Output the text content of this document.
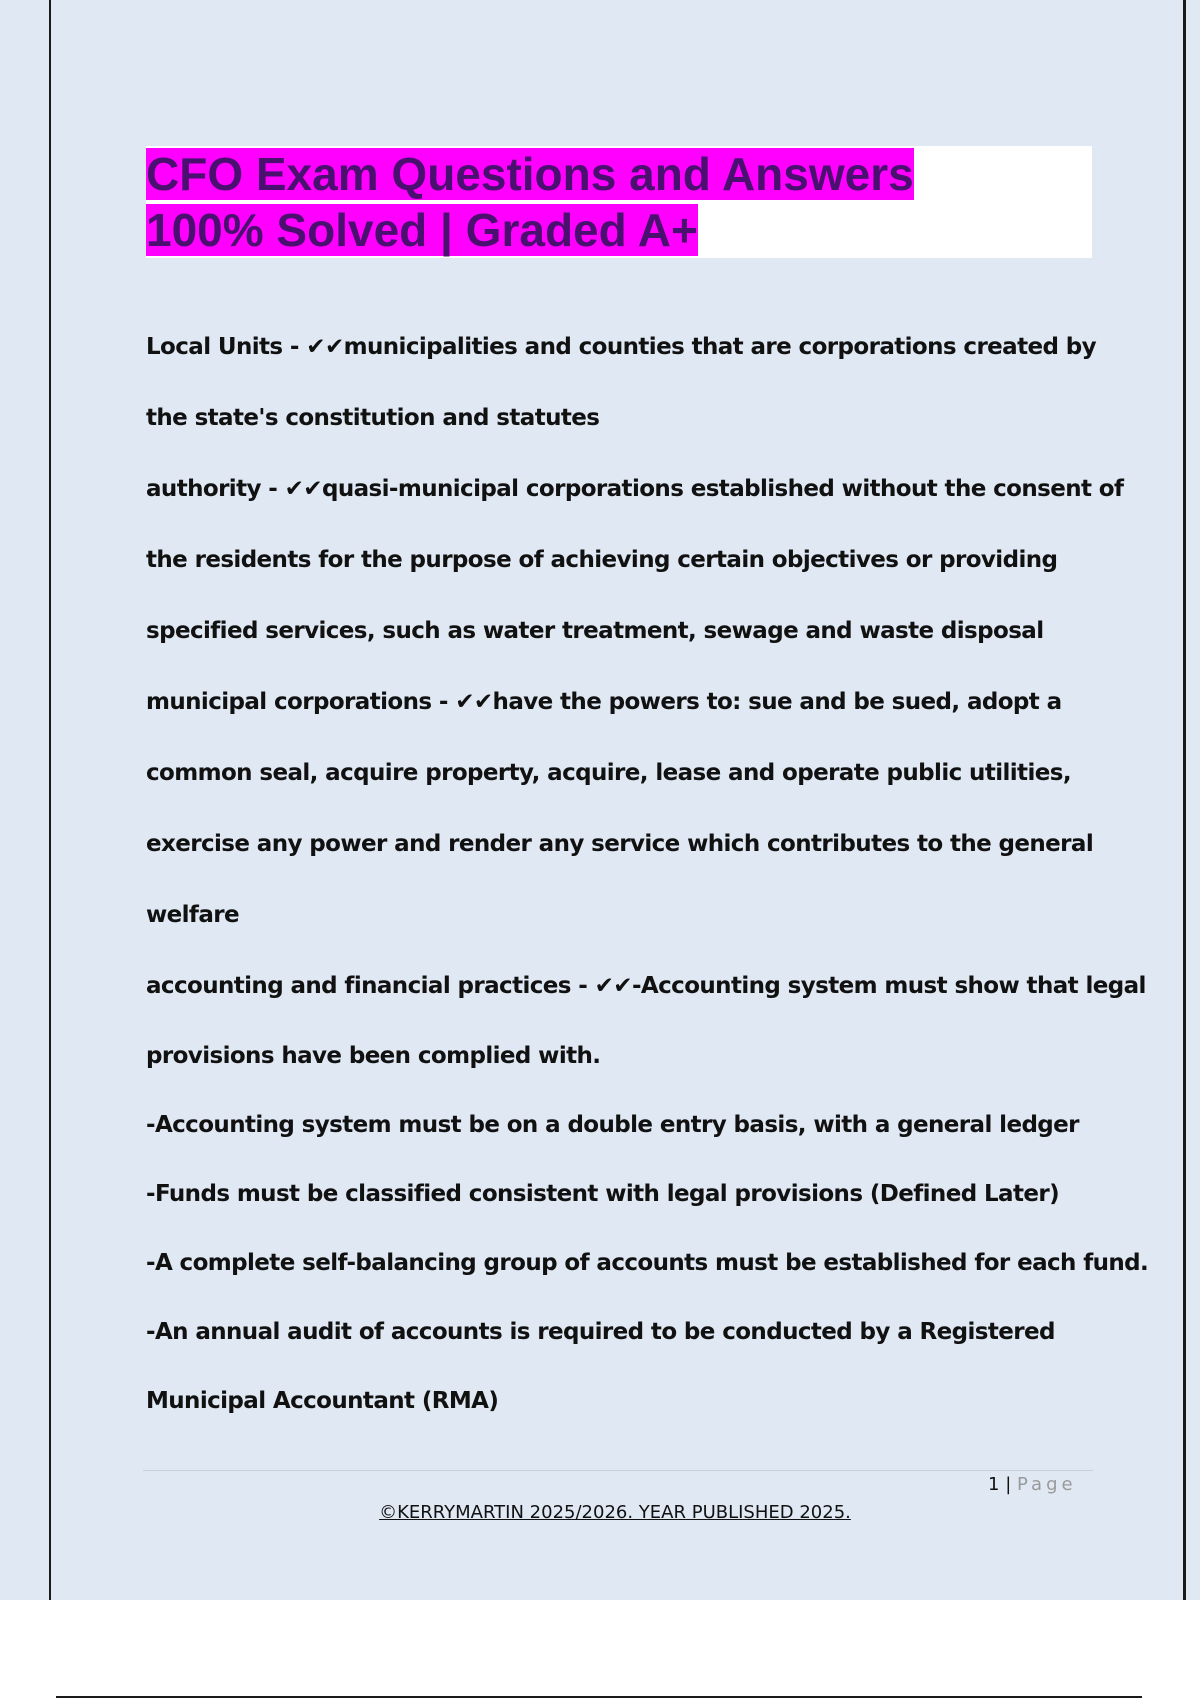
CFO Exam Questions and Answers
100% Solved | Graded A+
Local Units - ✔✔municipalities and counties that are corporations created by
the state's constitution and statutes
authority - ✔✔quasi-municipal corporations established without the consent of
the residents for the purpose of achieving certain objectives or providing
specified services, such as water treatment, sewage and waste disposal
municipal corporations - ✔✔have the powers to: sue and be sued, adopt a
common seal, acquire property, acquire, lease and operate public utilities,
exercise any power and render any service which contributes to the general
welfare
accounting and financial practices - ✔✔-Accounting system must show that legal
provisions have been complied with.
-Accounting system must be on a double entry basis, with a general ledger
-Funds must be classified consistent with legal provisions (Defined Later)
-A complete self-balancing group of accounts must be established for each fund.
-An annual audit of accounts is required to be conducted by a Registered
Municipal Accountant (RMA)
1 | Page
©KERRYMARTIN 2025/2026. YEAR PUBLISHED 2025.
